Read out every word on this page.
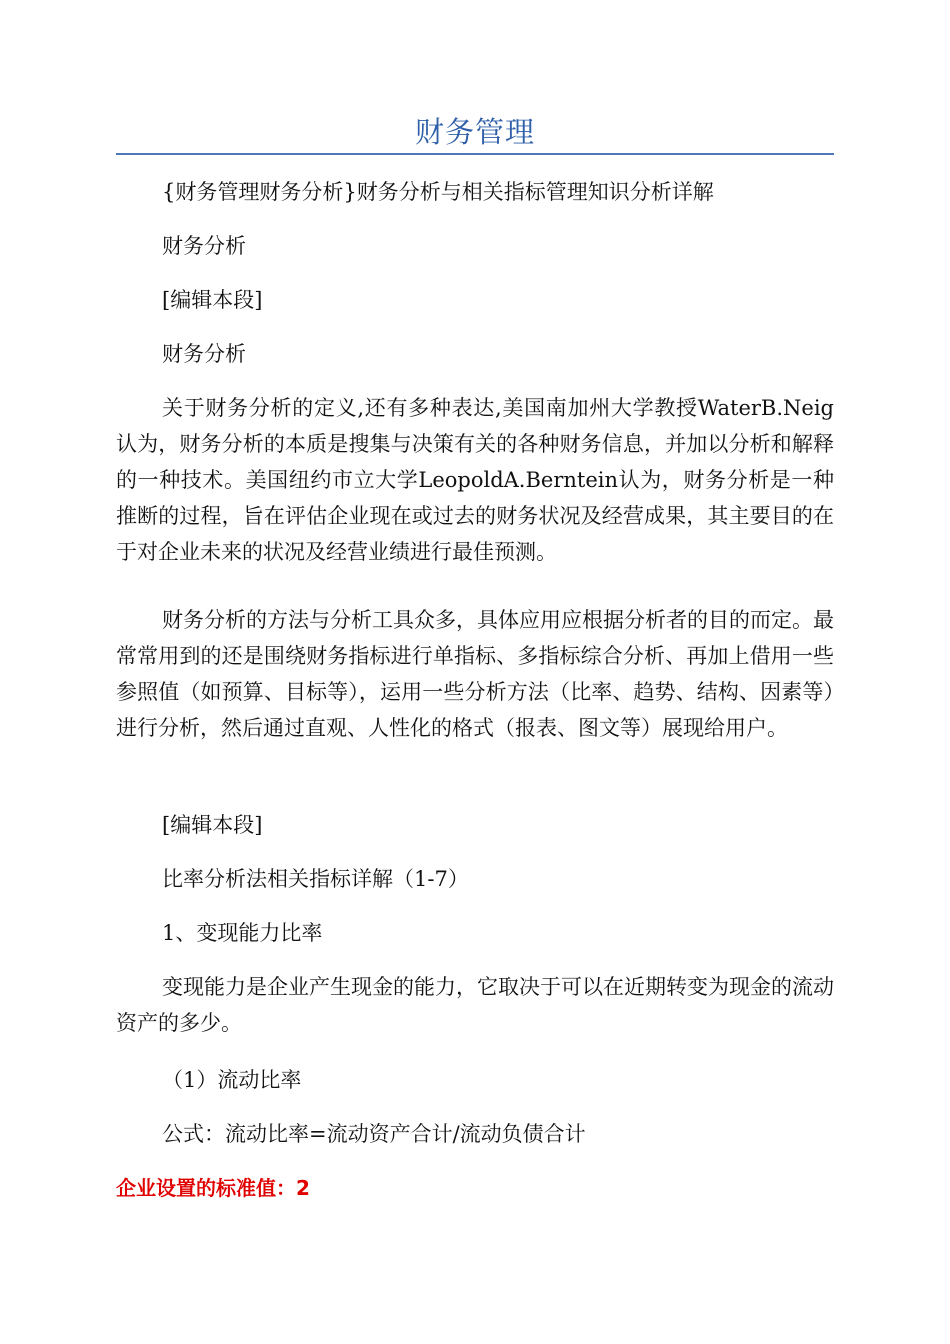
财务管理

{财务管理财务分析}财务分析与相关指标管理知识分析详解

财务分析

[编辑本段]

财务分析

关于财务分析的定义,还有多种表达,美国南加州大学教授WaterB.Neig认为，财务分析的本质是搜集与决策有关的各种财务信息，并加以分析和解释的一种技术。美国纽约市立大学LeopoldA.Berntein认为，财务分析是一种推断的过程，旨在评估企业现在或过去的财务状况及经营成果，其主要目的在于对企业未来的状况及经营业绩进行最佳预测。

财务分析的方法与分析工具众多，具体应用应根据分析者的目的而定。最常常用到的还是围绕财务指标进行单指标、多指标综合分析、再加上借用一些参照值（如预算、目标等），运用一些分析方法（比率、趋势、结构、因素等）进行分析，然后通过直观、人性化的格式（报表、图文等）展现给用户。

[编辑本段]

比率分析法相关指标详解（1-7）

1、变现能力比率

变现能力是企业产生现金的能力，它取决于可以在近期转变为现金的流动资产的多少。

（1）流动比率

公式：流动比率=流动资产合计/流动负债合计

企业设置的标准值：2
